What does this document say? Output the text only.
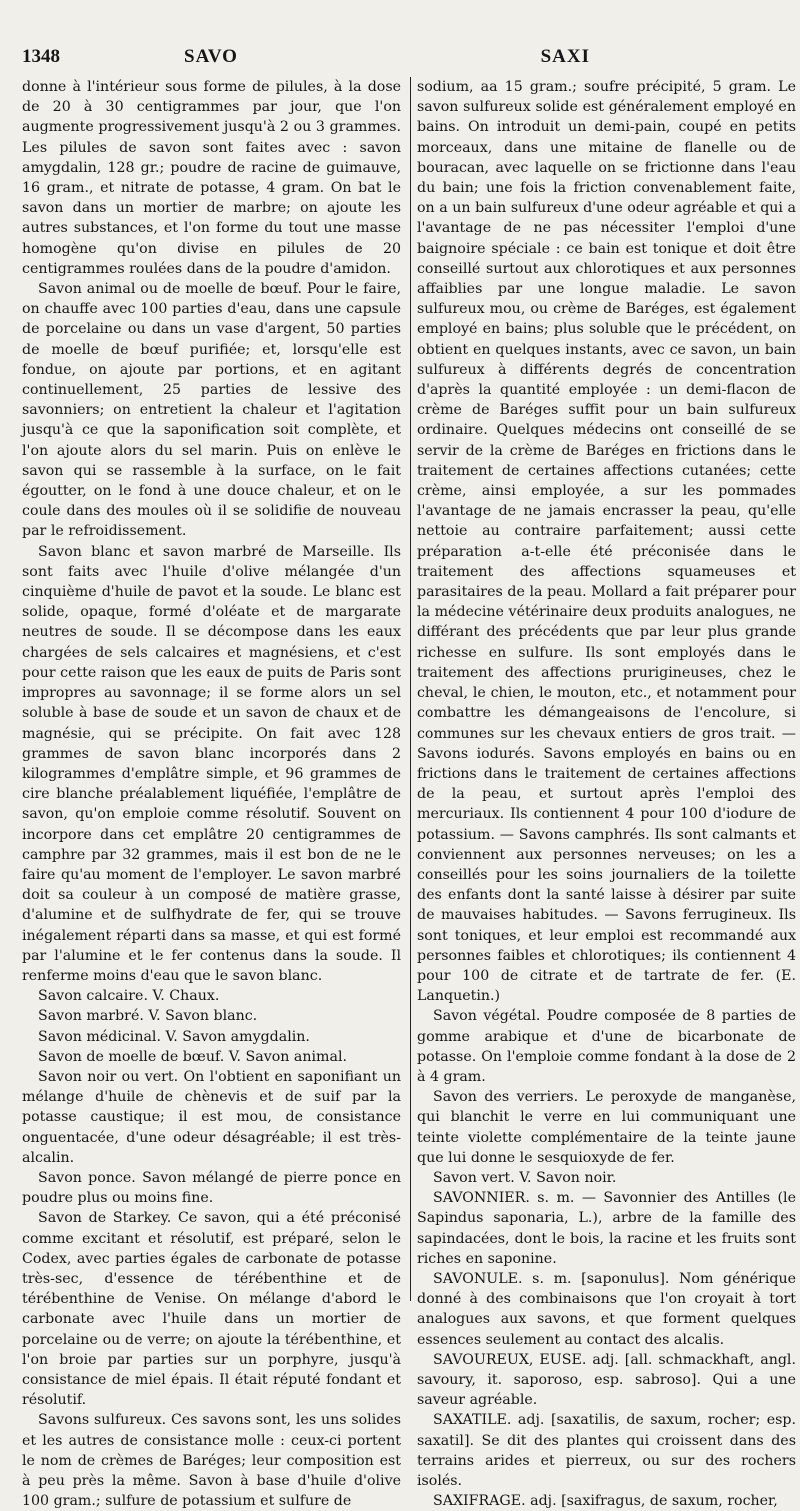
1348	SAVO	SAXI

donne à l'intérieur sous forme de pilules, à la dose de 20 à 30 centigrammes par jour, que l'on augmente progressivement jusqu'à 2 ou 3 grammes. Les pilules de savon sont faites avec : savon amygdalin, 128 gr.; poudre de racine de guimauve, 16 gram., et nitrate de potasse, 4 gram. On bat le savon dans un mortier de marbre; on ajoute les autres substances, et l'on forme du tout une masse homogène qu'on divise en pilules de 20 centigrammes roulées dans de la poudre d'amidon.

Savon animal ou de moelle de bœuf. Pour le faire, on chauffe avec 100 parties d'eau, dans une capsule de porcelaine ou dans un vase d'argent, 50 parties de moelle de bœuf purifiée; et, lorsqu'elle est fondue, on ajoute par portions, et en agitant continuellement, 25 parties de lessive des savonniers; on entretient la chaleur et l'agitation jusqu'à ce que la saponification soit complète, et l'on ajoute alors du sel marin. Puis on enlève le savon qui se rassemble à la surface, on le fait égoutter, on le fond à une douce chaleur, et on le coule dans des moules où il se solidifie de nouveau par le refroidissement.

Savon blanc et savon marbré de Marseille. Ils sont faits avec l'huile d'olive mélangée d'un cinquième d'huile de pavot et la soude. Le blanc est solide, opaque, formé d'oléate et de margarate neutres de soude. Il se décompose dans les eaux chargées de sels calcaires et magnésiens, et c'est pour cette raison que les eaux de puits de Paris sont impropres au savonnage; il se forme alors un sel soluble à base de soude et un savon de chaux et de magnésie, qui se précipite. On fait avec 128 grammes de savon blanc incorporés dans 2 kilogrammes d'emplâtre simple, et 96 grammes de cire blanche préalablement liquéfiée, l'emplâtre de savon, qu'on emploie comme résolutif. Souvent on incorpore dans cet emplâtre 20 centigrammes de camphre par 32 grammes, mais il est bon de ne le faire qu'au moment de l'employer. Le savon marbré doit sa couleur à un composé de matière grasse, d'alumine et de sulfhydrate de fer, qui se trouve inégalement réparti dans sa masse, et qui est formé par l'alumine et le fer contenus dans la soude. Il renferme moins d'eau que le savon blanc.

Savon calcaire. V. Chaux.

Savon marbré. V. Savon blanc.

Savon médicinal. V. Savon amygdalin.

Savon de moelle de bœuf. V. Savon animal.

Savon noir ou vert. On l'obtient en saponifiant un mélange d'huile de chènevis et de suif par la potasse caustique; il est mou, de consistance onguentacée, d'une odeur désagréable; il est très-alcalin.

Savon ponce. Savon mélangé de pierre ponce en poudre plus ou moins fine.

Savon de Starkey. Ce savon, qui a été préconisé comme excitant et résolutif, est préparé, selon le Codex, avec parties égales de carbonate de potasse très-sec, d'essence de térébenthine et de térébenthine de Venise. On mélange d'abord le carbonate avec l'huile dans un mortier de porcelaine ou de verre; on ajoute la térébenthine, et l'on broie par parties sur un porphyre, jusqu'à consistance de miel épais. Il était réputé fondant et résolutif.

Savons sulfureux. Ces savons sont, les uns solides et les autres de consistance molle : ceux-ci portent le nom de crèmes de Baréges; leur composition est à peu près la même. Savon à base d'huile d'olive 100 gram.; sulfure de potassium et sulfure de

sodium, aa 15 gram.; soufre précipité, 5 gram. Le savon sulfureux solide est généralement employé en bains. On introduit un demi-pain, coupé en petits morceaux, dans une mitaine de flanelle ou de bouracan, avec laquelle on se frictionne dans l'eau du bain; une fois la friction convenablement faite, on a un bain sulfureux d'une odeur agréable et qui a l'avantage de ne pas nécessiter l'emploi d'une baignoire spéciale : ce bain est tonique et doit être conseillé surtout aux chlorotiques et aux personnes affaiblies par une longue maladie. Le savon sulfureux mou, ou crème de Baréges, est également employé en bains; plus soluble que le précédent, on obtient en quelques instants, avec ce savon, un bain sulfureux à différents degrés de concentration d'après la quantité employée : un demi-flacon de crème de Baréges suffit pour un bain sulfureux ordinaire. Quelques médecins ont conseillé de se servir de la crème de Baréges en frictions dans le traitement de certaines affections cutanées; cette crème, ainsi employée, a sur les pommades l'avantage de ne jamais encrasser la peau, qu'elle nettoie au contraire parfaitement; aussi cette préparation a-t-elle été préconisée dans le traitement des affections squameuses et parasitaires de la peau. Mollard a fait préparer pour la médecine vétérinaire deux produits analogues, ne différant des précédents que par leur plus grande richesse en sulfure. Ils sont employés dans le traitement des affections prurigineuses, chez le cheval, le chien, le mouton, etc., et notamment pour combattre les démangeaisons de l'encolure, si communes sur les chevaux entiers de gros trait. — Savons iodurés. Savons employés en bains ou en frictions dans le traitement de certaines affections de la peau, et surtout après l'emploi des mercuriaux. Ils contiennent 4 pour 100 d'iodure de potassium. — Savons camphrés. Ils sont calmants et conviennent aux personnes nerveuses; on les a conseillés pour les soins journaliers de la toilette des enfants dont la santé laisse à désirer par suite de mauvaises habitudes. — Savons ferrugineux. Ils sont toniques, et leur emploi est recommandé aux personnes faibles et chlorotiques; ils contiennent 4 pour 100 de citrate et de tartrate de fer. (E. Lanquetin.)

Savon végétal. Poudre composée de 8 parties de gomme arabique et d'une de bicarbonate de potasse. On l'emploie comme fondant à la dose de 2 à 4 gram.

Savon des verriers. Le peroxyde de manganèse, qui blanchit le verre en lui communiquant une teinte violette complémentaire de la teinte jaune que lui donne le sesquioxyde de fer.

Savon vert. V. Savon noir.

SAVONNIER. s. m. — Savonnier des Antilles (le Sapindus saponaria, L.), arbre de la famille des sapindacées, dont le bois, la racine et les fruits sont riches en saponine.

SAVONULE. s. m. [saponulus]. Nom générique donné à des combinaisons que l'on croyait à tort analogues aux savons, et que forment quelques essences seulement au contact des alcalis.

SAVOUREUX, EUSE. adj. [all. schmackhaft, angl. savoury, it. saporoso, esp. sabroso]. Qui a une saveur agréable.

SAXATILE. adj. [saxatilis, de saxum, rocher; esp. saxatil]. Se dit des plantes qui croissent dans des terrains arides et pierreux, ou sur des rochers isolés.

SAXIFRAGE. adj. [saxifragus, de saxum, rocher,
